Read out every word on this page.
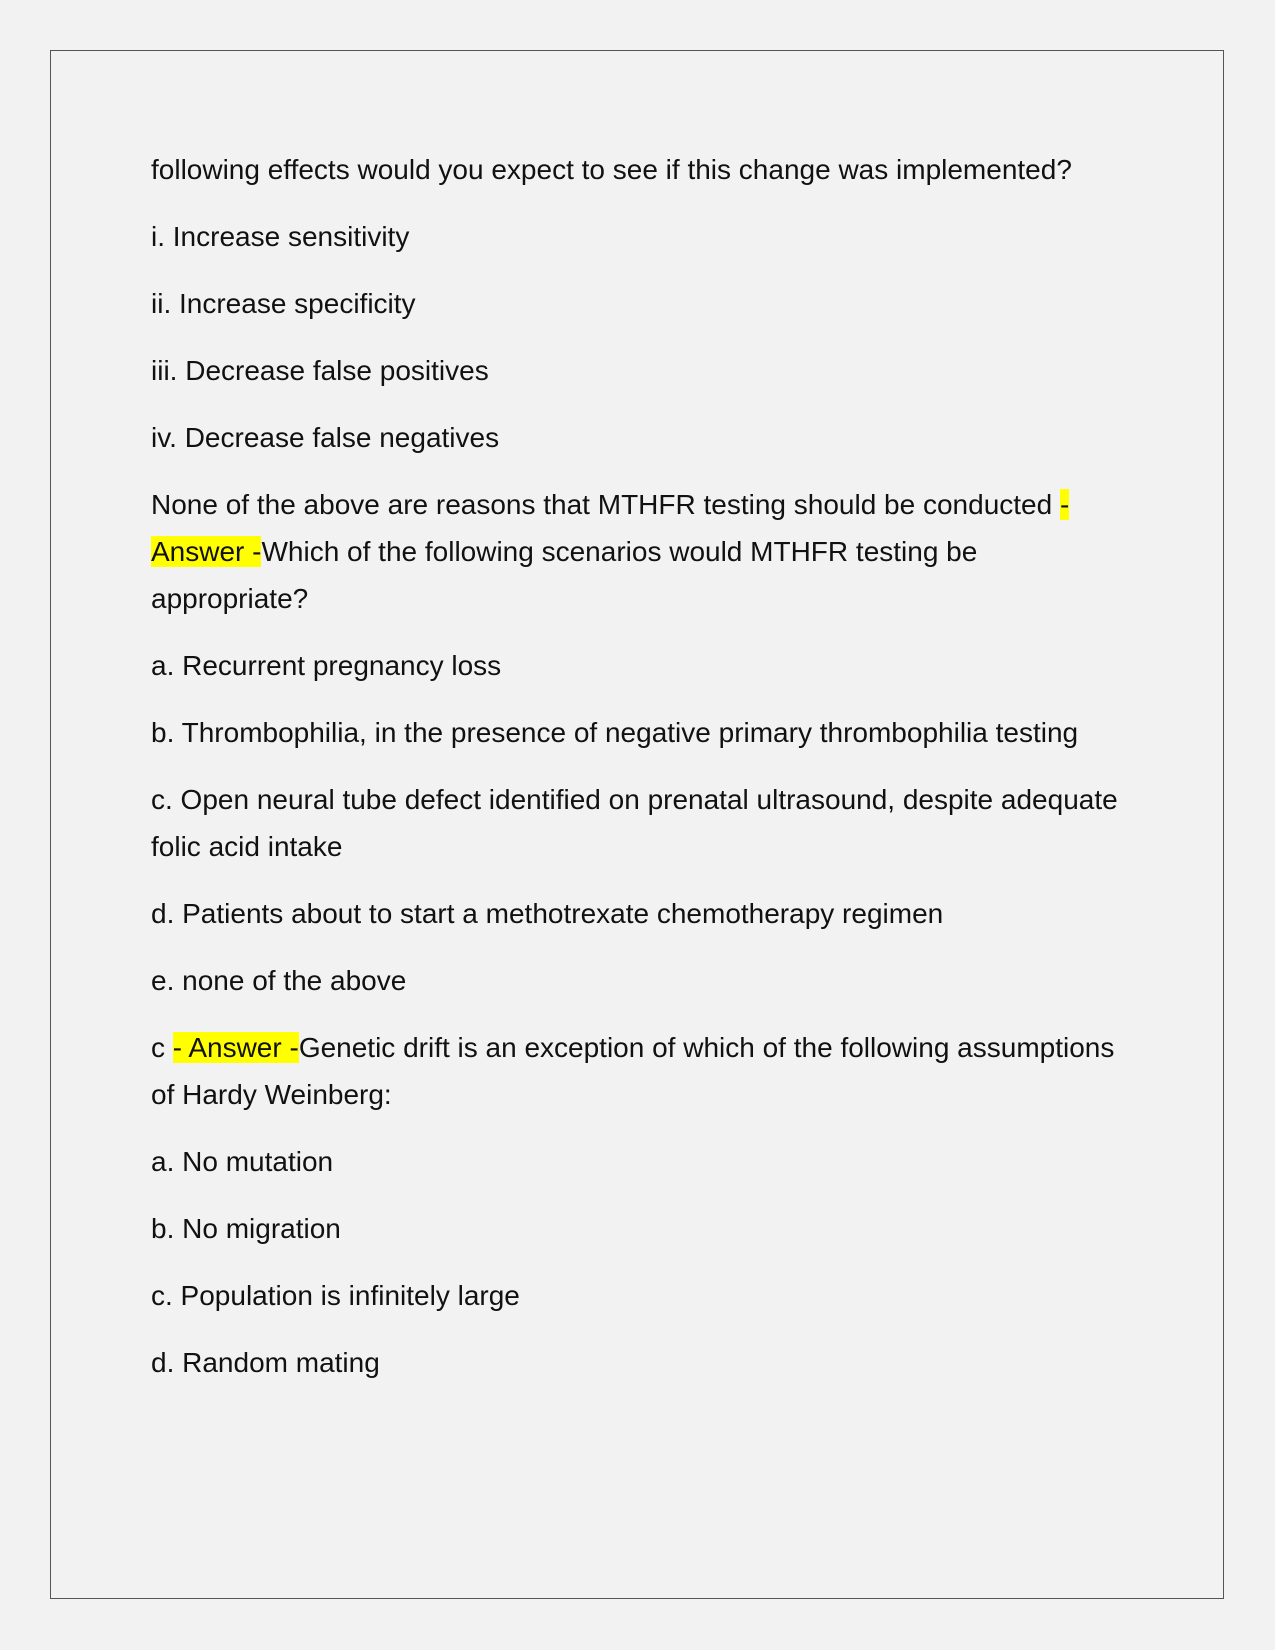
following effects would you expect to see if this change was implemented?

i. Increase sensitivity

ii. Increase specificity

iii. Decrease false positives

iv. Decrease false negatives

None of the above are reasons that MTHFR testing should be conducted - Answer -Which of the following scenarios would MTHFR testing be appropriate?

a. Recurrent pregnancy loss

b. Thrombophilia, in the presence of negative primary thrombophilia testing

c. Open neural tube defect identified on prenatal ultrasound, despite adequate folic acid intake

d. Patients about to start a methotrexate chemotherapy regimen

e. none of the above

c - Answer -Genetic drift is an exception of which of the following assumptions of Hardy Weinberg:

a. No mutation

b. No migration

c. Population is infinitely large

d. Random mating
